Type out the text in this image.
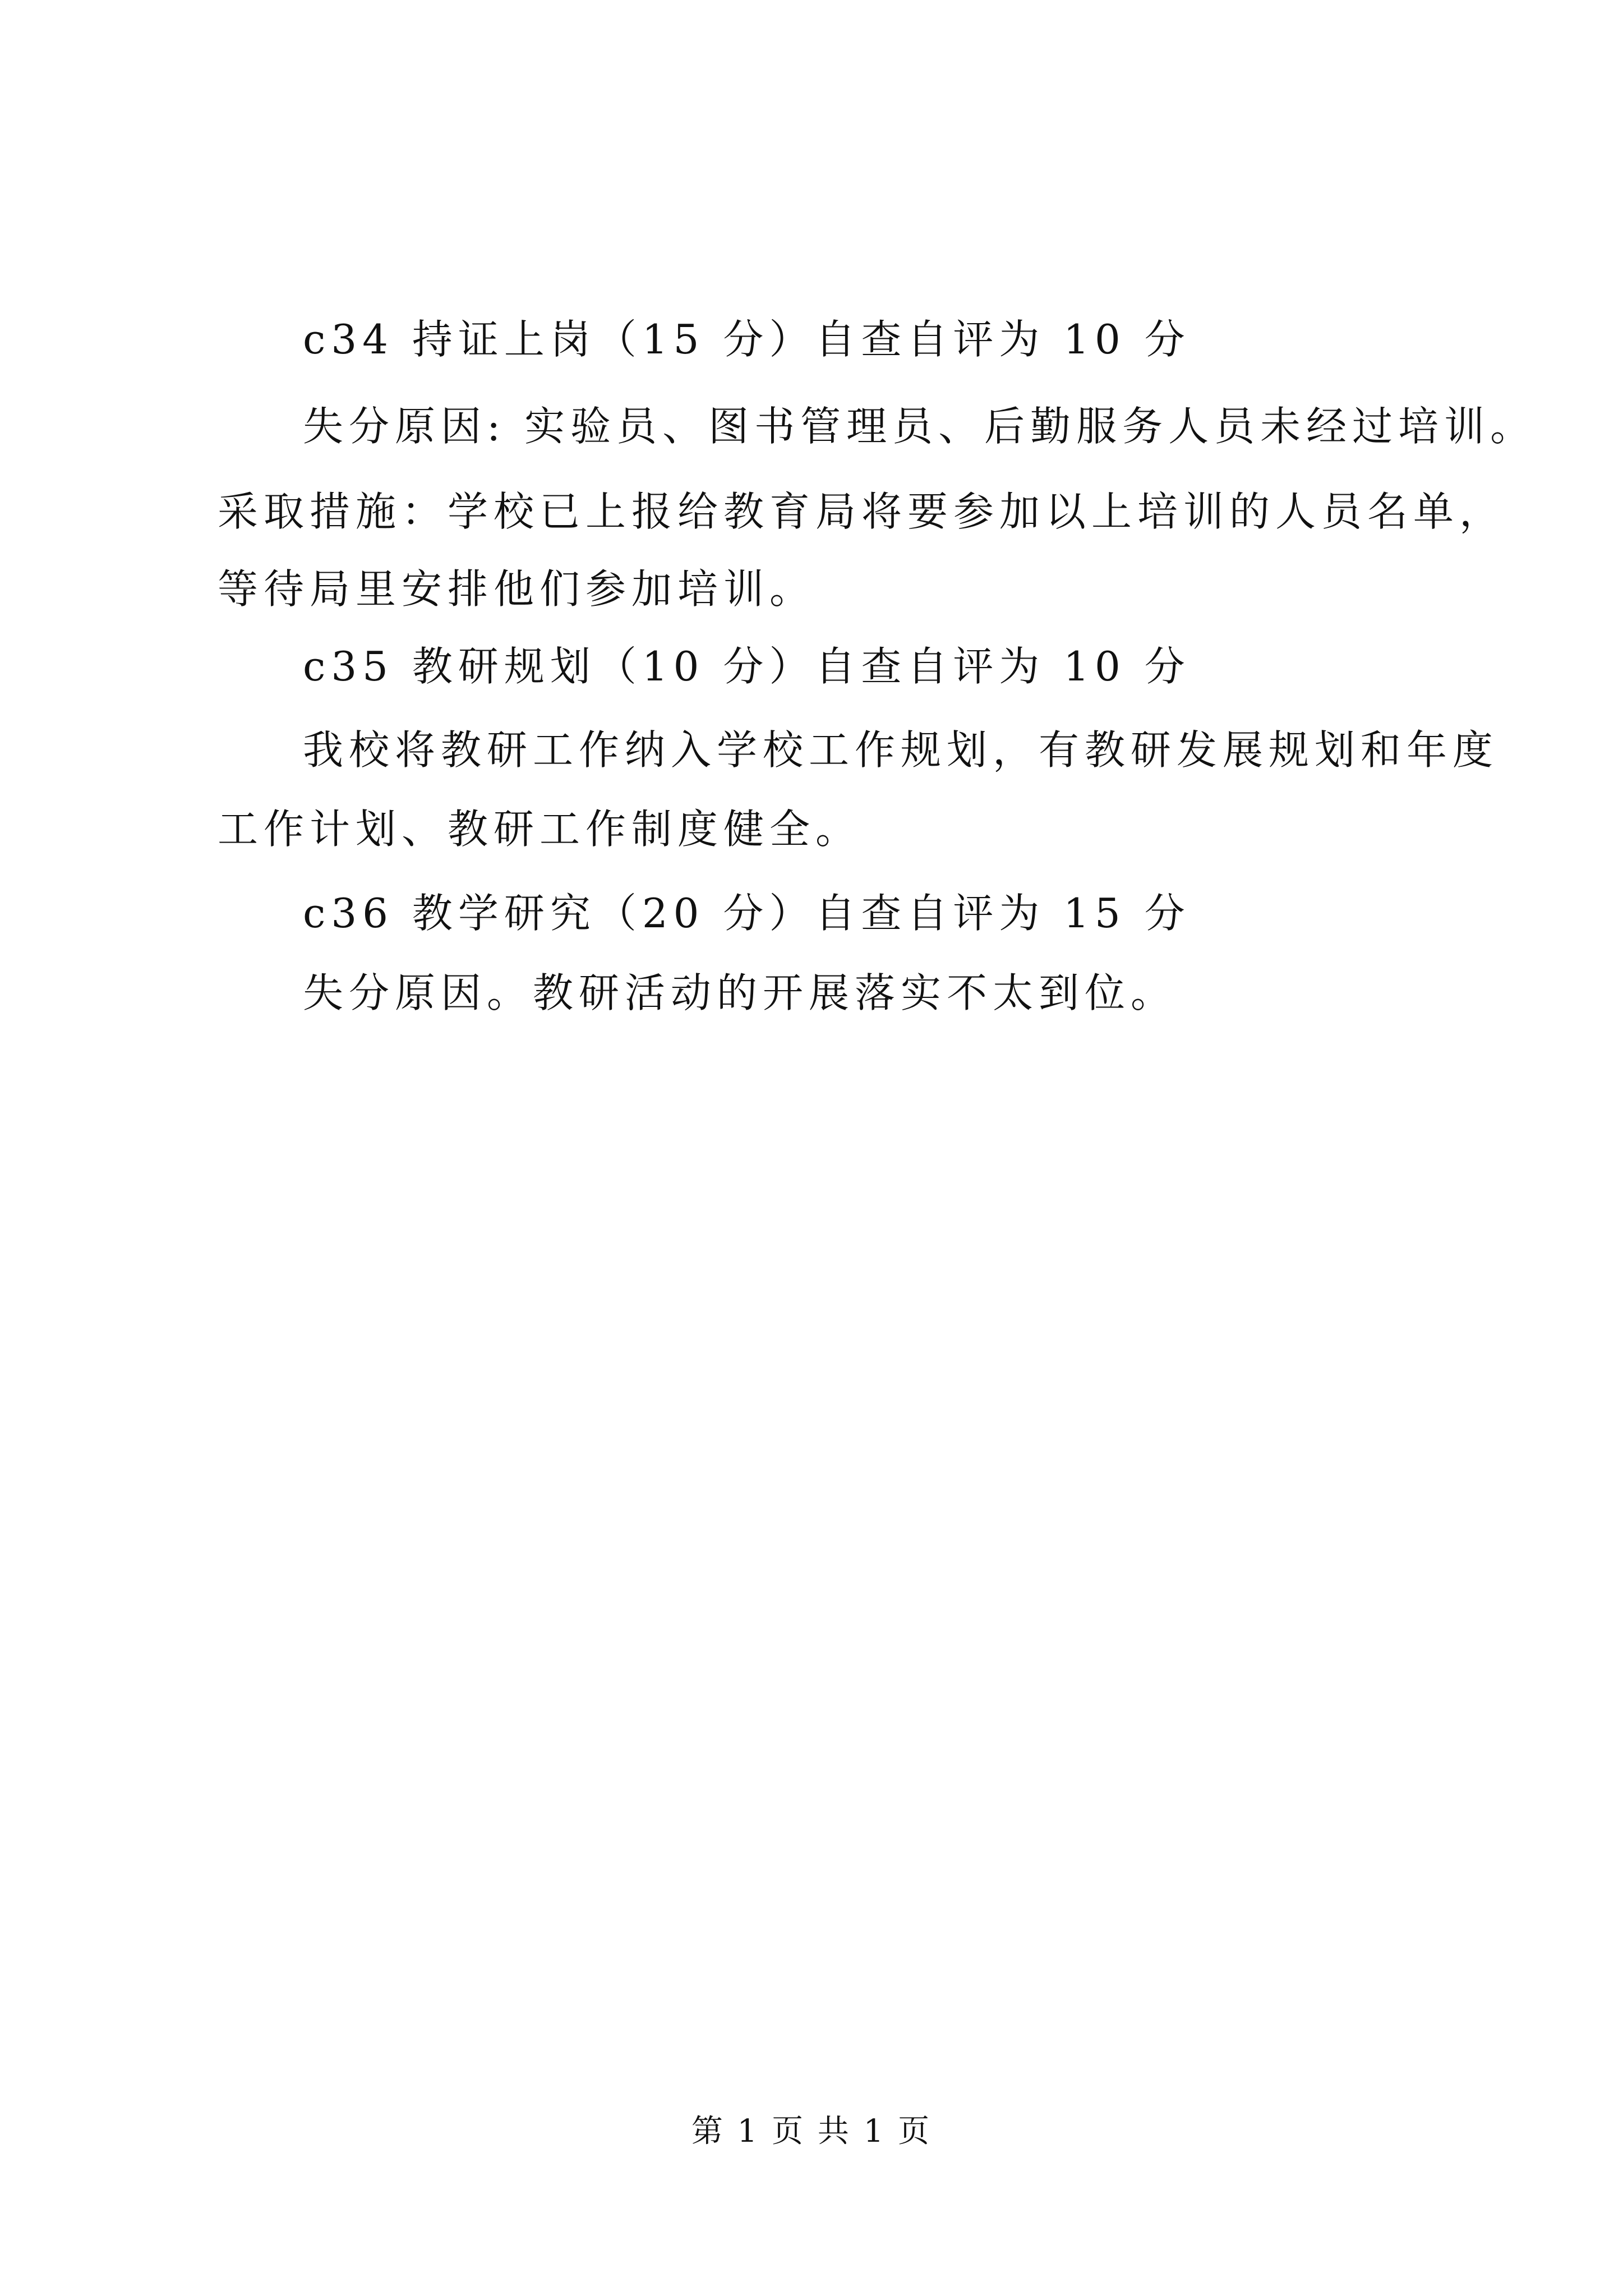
c34 持证上岗（15 分）自查自评为 10 分
失分原因: 实验员、图书管理员、后勤服务人员未经过培训。
采取措施：学校已上报给教育局将要参加以上培训的人员名单，
等待局里安排他们参加培训。
c35 教研规划（10 分）自查自评为 10 分
我校将教研工作纳入学校工作规划，有教研发展规划和年度
工作计划、教研工作制度健全。
c36 教学研究（20 分）自查自评为 15 分
失分原因。教研活动的开展落实不太到位。
第 1 页 共 1 页
